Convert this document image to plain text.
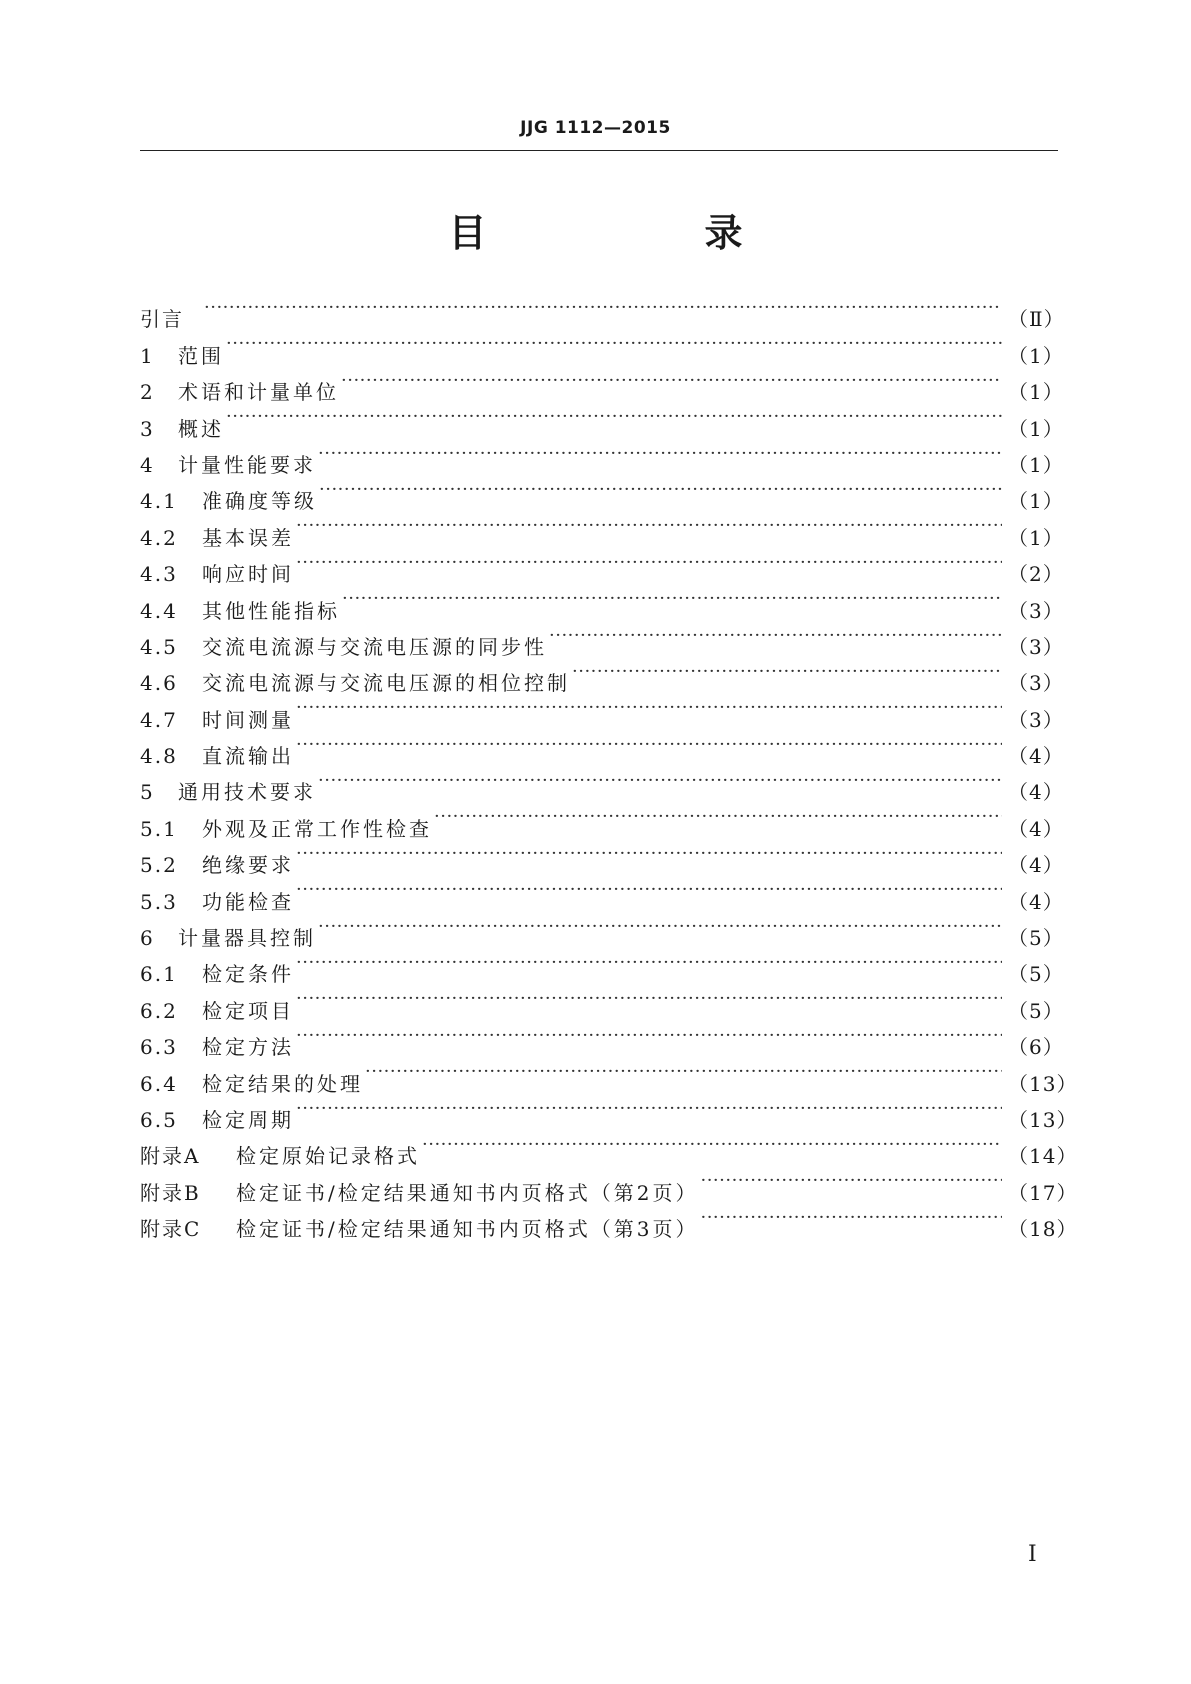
JJG 1112—2015
目　录
引言 ·····	（Ⅱ）
1	范围 ·····	（1）
2	术语和计量单位 ·····	（1）
3	概述 ·····	（1）
4	计量性能要求 ·····	（1）
4.1	准确度等级 ·····	（1）
4.2	基本误差 ·····	（1）
4.3	响应时间 ·····	（2）
4.4	其他性能指标 ·····	（3）
4.5	交流电流源与交流电压源的同步性 ·····	（3）
4.6	交流电流源与交流电压源的相位控制 ·····	（3）
4.7	时间测量 ·····	（3）
4.8	直流输出 ·····	（4）
5	通用技术要求 ·····	（4）
5.1	外观及正常工作性检查 ·····	（4）
5.2	绝缘要求 ·····	（4）
5.3	功能检查 ·····	（4）
6	计量器具控制 ·····	（5）
6.1	检定条件 ·····	（5）
6.2	检定项目 ·····	（5）
6.3	检定方法 ·····	（6）
6.4	检定结果的处理 ·····	（13）
6.5	检定周期 ·····	（13）
附录A	检定原始记录格式 ·····	（14）
附录B	检定证书/检定结果通知书内页格式（第2页） ·····	（17）
附录C	检定证书/检定结果通知书内页格式（第3页） ·····	（18）
Ⅰ
